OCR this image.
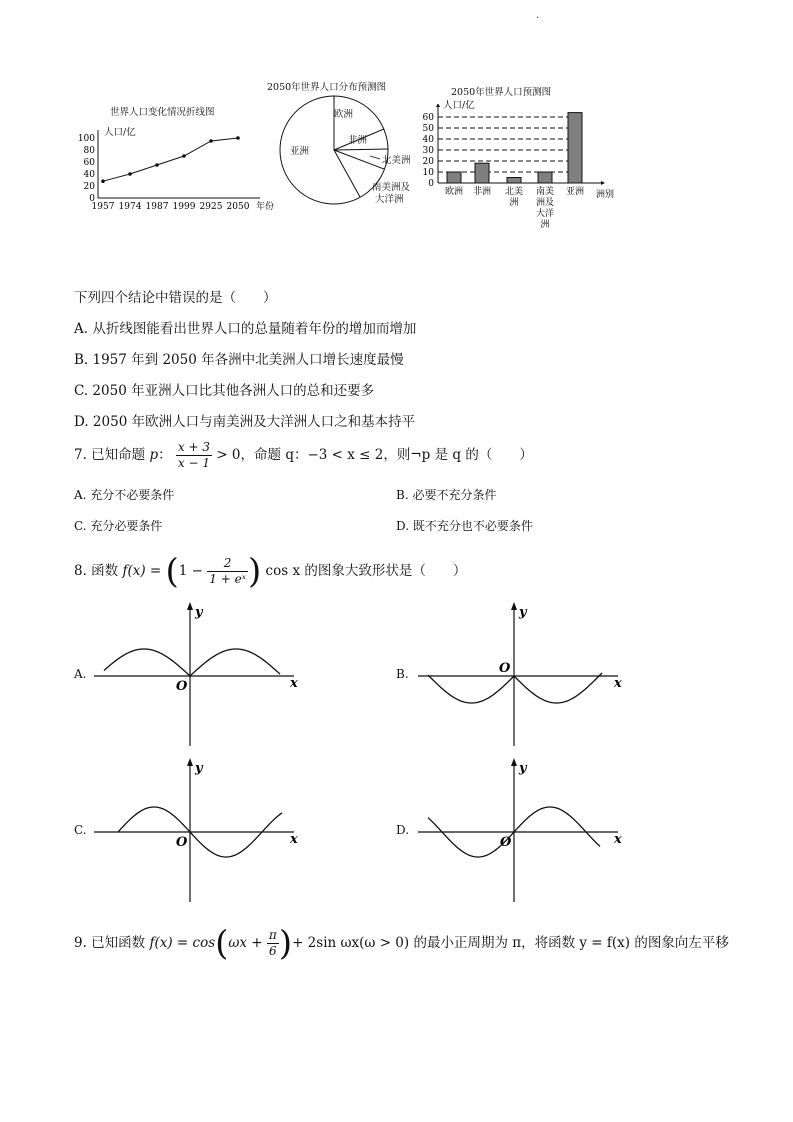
.
世界人口变化情况折线图
人口/亿
100
80
60
40
20
0
1957 1974 1987 1999 2925 2050 年份
2050年世界人口分布预测图
欧洲
非洲
北美洲
南美洲及
大洋洲
亚洲
2050年世界人口预测图
人口/亿
60
50
40
30
20
10
0
欧洲 非洲 北美
洲
南美
洲及
大洋
洲
亚洲 洲别
下列四个结论中错误的是（　　）
A. 从折线图能看出世界人口的总量随着年份的增加而增加
B. 1957 年到 2050 年各洲中北美洲人口增长速度最慢
C. 2050 年亚洲人口比其他各洲人口的总和还要多
D. 2050 年欧洲人口与南美洲及大洋洲人口之和基本持平
7. 已知命题 p： $\frac{x + 3}{x - 1} > 0$，命题 q：−3 < x ≤ 2，则¬p 是 q 的（　　）
A. 充分不必要条件	B. 必要不充分条件
C. 充分必要条件	D. 既不充分也不必要条件
8. 函数 $f(x) = (1 - \frac{2}{\text{1 + eˣ}}$ ) cos x 的图象大致形状是（　　）
A.	B.
C.	D.
y
x
O
y
x
O
y
x
O
y
x
O
9. 已知函数 $f(x) = \cos(\omega x + \frac{\pi}{6}$ )+ 2sin ωx(ω > 0) 的最小正周期为 π，将函数 y = f(x) 的图象向左平移
